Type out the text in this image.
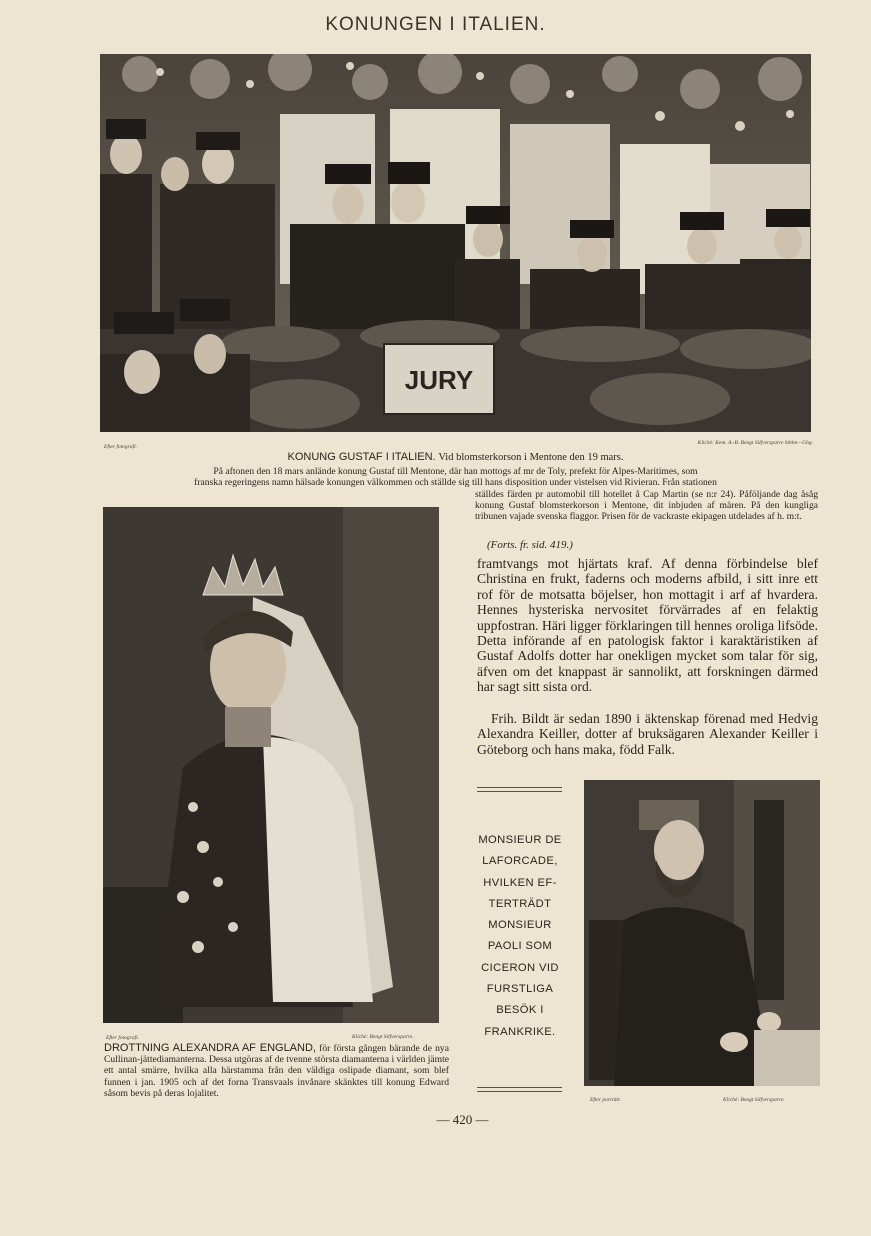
KONUNGEN I ITALIEN.
JURY
Efter fotografi.
Kliché: Kem. A.-B. Bengt Silfversparre Sthlm—Gbg.
KONUNG GUSTAF I ITALIEN. Vid blomsterkorson i Mentone den 19 mars.
På aftonen den 18 mars anlände konung Gustaf till Mentone, där han mottogs af mr de Toly, prefekt för Alpes-Maritimes, som
franska regeringens namn hälsade konungen välkommen och ställde sig till hans disposition under vistelsen vid Rivieran. Från stationen
ställdes färden pr automobil till hotellet å Cap Martin (se n:r 24). Påföljande dag åsåg konung Gustaf blomsterkorson i Mentone, dit inbjuden af mären. På den kungliga tribunen vajade svenska flaggor. Prisen för de vackraste ekipagen utdelades af h. m:t.
Efter fotografi.	Kliché: Bengt Silfversparre.
DROTTNING ALEXANDRA AF ENGLAND, för första gången bärande de nya Cullinan-jättediamanterna. Dessa utgöras af de tvenne största diamanterna i världen jämte ett antal smärre, hvilka alla härstamma från den väldiga oslipade diamant, som blef funnen i jan. 1905 och af det forna Transvaals invånare skänktes till konung Edward såsom bevis på deras lojalitet.
(Forts. fr. sid. 419.)
framtvangs mot hjärtats kraf. Af denna förbindelse blef Christina en frukt, faderns och moderns afbild, i sitt inre ett rof för de motsatta böjelser, hon mottagit i arf af hvardera. Hennes hysteriska nervositet förvärrades af en felaktig uppfostran. Häri ligger förklaringen till hennes oroliga lifsöde. Detta införande af en patologisk faktor i karaktäristiken af Gustaf Adolfs dotter har onekligen mycket som talar för sig, äfven om det knappast är sannolikt, att forskningen därmed har sagt sitt sista ord.
Frih. Bildt är sedan 1890 i äktenskap förenad med Hedvig Alexandra Keiller, dotter af bruksägaren Alexander Keiller i Göteborg och hans maka, född Falk.
MONSIEUR DE
LAFORCADE,
HVILKEN EF-
TERTRÄDT
MONSIEUR
PAOLI SOM
CICERON VID
FURSTLIGA
BESÖK I
FRANKRIKE.
Efter porträtt.	Kliché: Bengt Silfversparre.
— 420 —
